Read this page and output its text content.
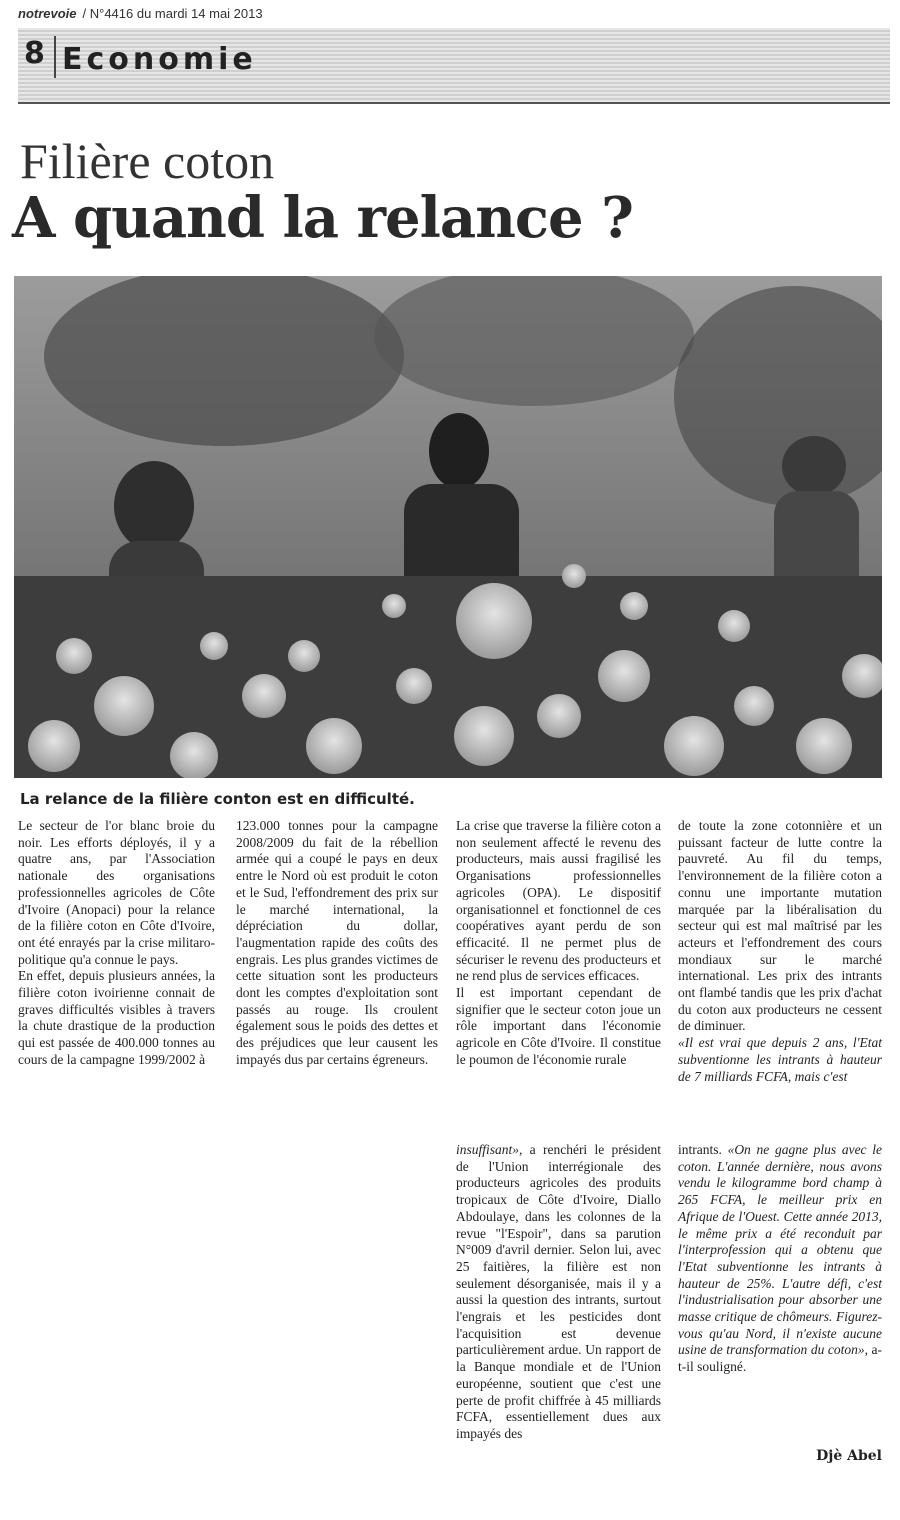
notrevoie / N°4416 du mardi 14 mai 2013
8 Economie
Filière coton
A quand la relance ?
La relance de la filière conton est en difficulté.

Le secteur de l'or blanc broie du noir. Les efforts déployés, il y a quatre ans, par l'Association nationale des organisations professionnelles agricoles de Côte d'Ivoire (Anopaci) pour la relance de la filière coton en Côte d'Ivoire, ont été enrayés par la crise militaro-politique qu'a connue le pays.

En effet, depuis plusieurs années, la filière coton ivoirienne connait de graves difficultés visibles à travers la chute drastique de la production qui est passée de 400.000 tonnes au cours de la campagne 1999/2002 à

123.000 tonnes pour la campagne 2008/2009 du fait de la rébellion armée qui a coupé le pays en deux entre le Nord où est produit le coton et le Sud, l'effondrement des prix sur le marché international, la dépréciation du dollar, l'augmentation rapide des coûts des engrais. Les plus grandes victimes de cette situation sont les producteurs dont les comptes d'exploitation sont passés au rouge. Ils croulent également sous le poids des dettes et des préjudices que leur causent les impayés dus par certains égreneurs.

La crise que traverse la filière coton a non seulement affecté le revenu des producteurs, mais aussi fragilisé les Organisations professionnelles agricoles (OPA). Le dispositif organisationnel et fonctionnel de ces coopératives ayant perdu de son efficacité. Il ne permet plus de sécuriser le revenu des producteurs et ne rend plus de services efficaces.

Il est important cependant de signifier que le secteur coton joue un rôle important dans l'économie agricole en Côte d'Ivoire. Il constitue le poumon de l'économie rurale

de toute la zone cotonnière et un puissant facteur de lutte contre la pauvreté. Au fil du temps, l'environnement de la filière coton a connu une importante mutation marquée par la libéralisation du secteur qui est mal maîtrisé par les acteurs et l'effondrement des cours mondiaux sur le marché international. Les prix des intrants ont flambé tandis que les prix d'achat du coton aux producteurs ne cessent de diminuer.

«Il est vrai que depuis 2 ans, l'Etat subventionne les intrants à hauteur de 7 milliards FCFA, mais c'est

insuffisant», a renchéri le président de l'Union interrégionale des producteurs agricoles des produits tropicaux de Côte d'Ivoire, Diallo Abdoulaye, dans les colonnes de la revue "l'Espoir", dans sa parution N°009 d'avril dernier. Selon lui, avec 25 faitières, la filière est non seulement désorganisée, mais il y a aussi la question des intrants, surtout l'engrais et les pesticides dont l'acquisition est devenue particulièrement ardue. Un rapport de la Banque mondiale et de l'Union européenne, soutient que c'est une perte de profit chiffrée à 45 milliards FCFA, essentiellement dues aux impayés des

intrants. «On ne gagne plus avec le coton. L'année dernière, nous avons vendu le kilogramme bord champ à 265 FCFA, le meilleur prix en Afrique de l'Ouest. Cette année 2013, le même prix a été reconduit par l'interprofession qui a obtenu que l'Etat subventionne les intrants à hauteur de 25%. L'autre défi, c'est l'industrialisation pour absorber une masse critique de chômeurs. Figurez-vous qu'au Nord, il n'existe aucune usine de transformation du coton», a-t-il souligné.

Djè Abel
